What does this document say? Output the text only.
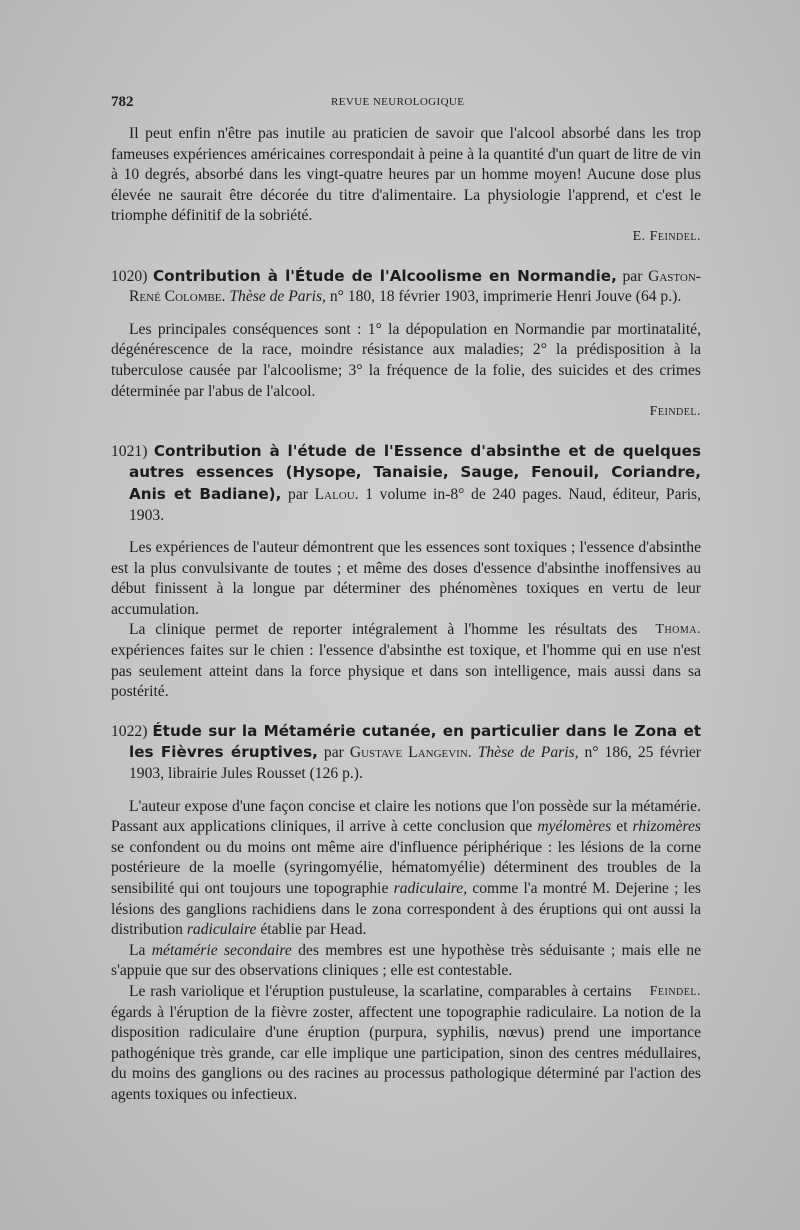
782	REVUE NEUROLOGIQUE

Il peut enfin n'être pas inutile au praticien de savoir que l'alcool absorbé dans les trop fameuses expériences américaines correspondait à peine à la quantité d'un quart de litre de vin à 10 degrés, absorbé dans les vingt-quatre heures par un homme moyen! Aucune dose plus élevée ne saurait être décorée du titre d'alimentaire. La physiologie l'apprend, et c'est le triomphe définitif de la sobriété.

E. Feindel.

1020) Contribution à l'Étude de l'Alcoolisme en Normandie, par Gaston-René Colombe. Thèse de Paris, n° 180, 18 février 1903, imprimerie Henri Jouve (64 p.).

Les principales conséquences sont : 1° la dépopulation en Normandie par mortinatalité, dégénérescence de la race, moindre résistance aux maladies; 2° la prédisposition à la tuberculose causée par l'alcoolisme; 3° la fréquence de la folie, des suicides et des crimes déterminée par l'abus de l'alcool.

Feindel.

1021) Contribution à l'étude de l'Essence d'absinthe et de quelques autres essences (Hysope, Tanaisie, Sauge, Fenouil, Coriandre, Anis et Badiane), par Lalou. 1 volume in-8° de 240 pages. Naud, éditeur, Paris, 1903.

Les expériences de l'auteur démontrent que les essences sont toxiques ; l'essence d'absinthe est la plus convulsivante de toutes ; et même des doses d'essence d'absinthe inoffensives au début finissent à la longue par déterminer des phénomènes toxiques en vertu de leur accumulation.

Thoma.
La clinique permet de reporter intégralement à l'homme les résultats des expériences faites sur le chien : l'essence d'absinthe est toxique, et l'homme qui en use n'est pas seulement atteint dans la force physique et dans son intelligence, mais aussi dans sa postérité.

1022) Étude sur la Métamérie cutanée, en particulier dans le Zona et les Fièvres éruptives, par Gustave Langevin. Thèse de Paris, n° 186, 25 février 1903, librairie Jules Rousset (126 p.).

L'auteur expose d'une façon concise et claire les notions que l'on possède sur la métamérie. Passant aux applications cliniques, il arrive à cette conclusion que myélomères et rhizomères se confondent ou du moins ont même aire d'influence périphérique : les lésions de la corne postérieure de la moelle (syringomyélie, hématomyélie) déterminent des troubles de la sensibilité qui ont toujours une topographie radiculaire, comme l'a montré M. Dejerine ; les lésions des ganglions rachidiens dans le zona correspondent à des éruptions qui ont aussi la distribution radiculaire établie par Head.

La métamérie secondaire des membres est une hypothèse très séduisante ; mais elle ne s'appuie que sur des observations cliniques ; elle est contestable.

Feindel.
Le rash variolique et l'éruption pustuleuse, la scarlatine, comparables à certains égards à l'éruption de la fièvre zoster, affectent une topographie radiculaire. La notion de la disposition radiculaire d'une éruption (purpura, syphilis, nœvus) prend une importance pathogénique très grande, car elle implique une participation, sinon des centres médullaires, du moins des ganglions ou des racines au processus pathologique déterminé par l'action des agents toxiques ou infectieux.
